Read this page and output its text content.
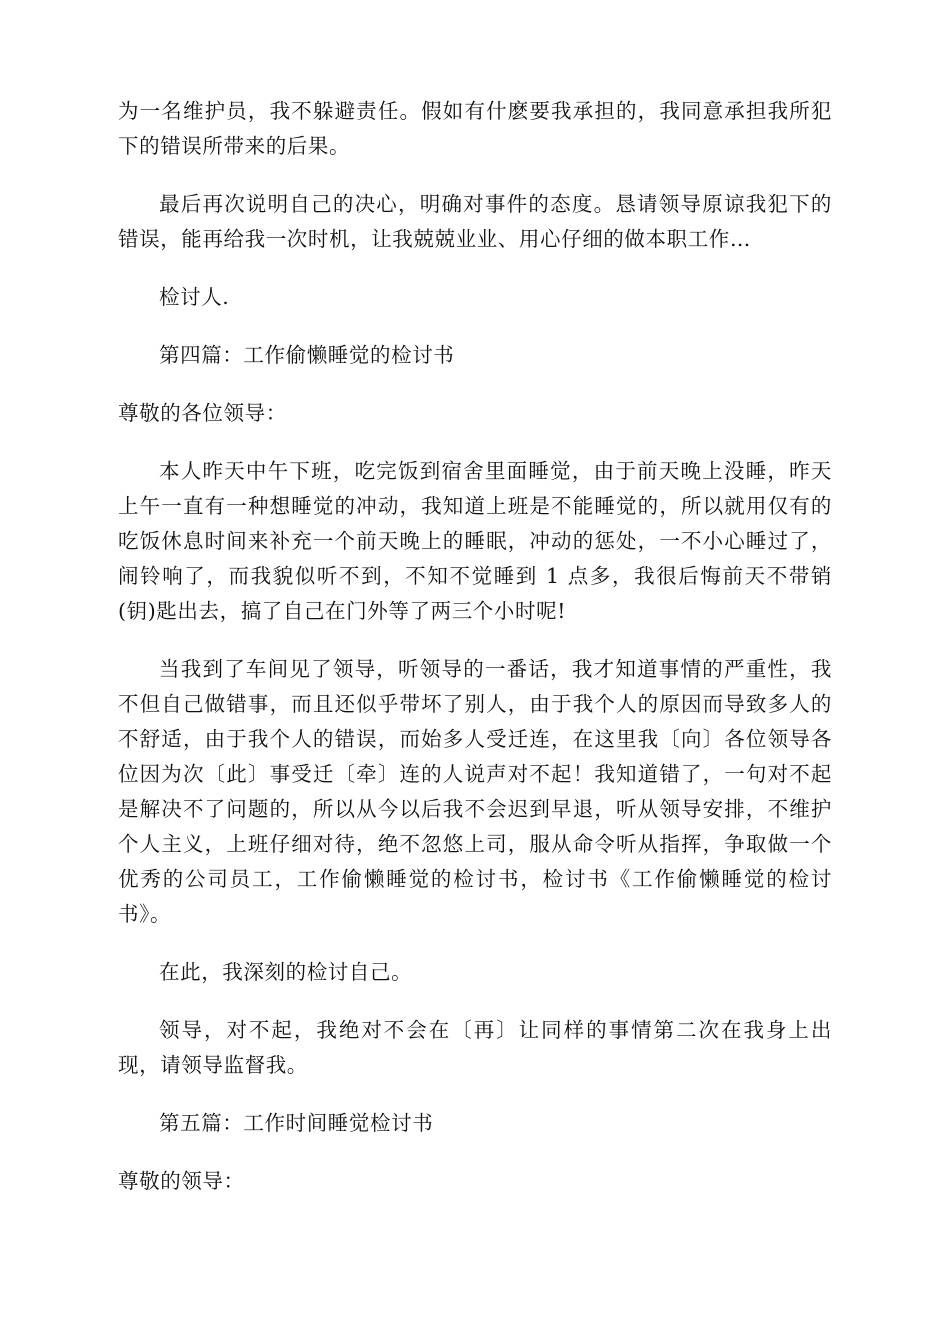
为一名维护员，我不躲避责任。假如有什麽要我承担的，我同意承担我所犯下的错误所带来的后果。

最后再次说明自己的决心，明确对事件的态度。恳请领导原谅我犯下的错误，能再给我一次时机，让我兢兢业业、用心仔细的做本职工作…

检讨人.

第四篇：工作偷懒睡觉的检讨书

尊敬的各位领导：

本人昨天中午下班，吃完饭到宿舍里面睡觉，由于前天晚上没睡，昨天上午一直有一种想睡觉的冲动，我知道上班是不能睡觉的，所以就用仅有的吃饭休息时间来补充一个前天晚上的睡眠，冲动的惩处，一不小心睡过了，闹铃响了，而我貌似听不到，不知不觉睡到 1 点多，我很后悔前天不带销(钥)匙出去，搞了自己在门外等了两三个小时呢!

当我到了车间见了领导，听领导的一番话，我才知道事情的严重性，我不但自己做错事，而且还似乎带坏了别人，由于我个人的原因而导致多人的不舒适，由于我个人的错误，而始多人受迁连，在这里我〔向〕各位领导各位因为次〔此〕事受迁〔牵〕连的人说声对不起！我知道错了，一句对不起是解决不了问题的，所以从今以后我不会迟到早退，听从领导安排，不维护个人主义，上班仔细对待，绝不忽悠上司，服从命令听从指挥，争取做一个优秀的公司员工，工作偷懒睡觉的检讨书，检讨书《工作偷懒睡觉的检讨书》。

在此，我深刻的检讨自己。

领导，对不起，我绝对不会在〔再〕让同样的事情第二次在我身上出现，请领导监督我。

第五篇：工作时间睡觉检讨书

尊敬的领导：
